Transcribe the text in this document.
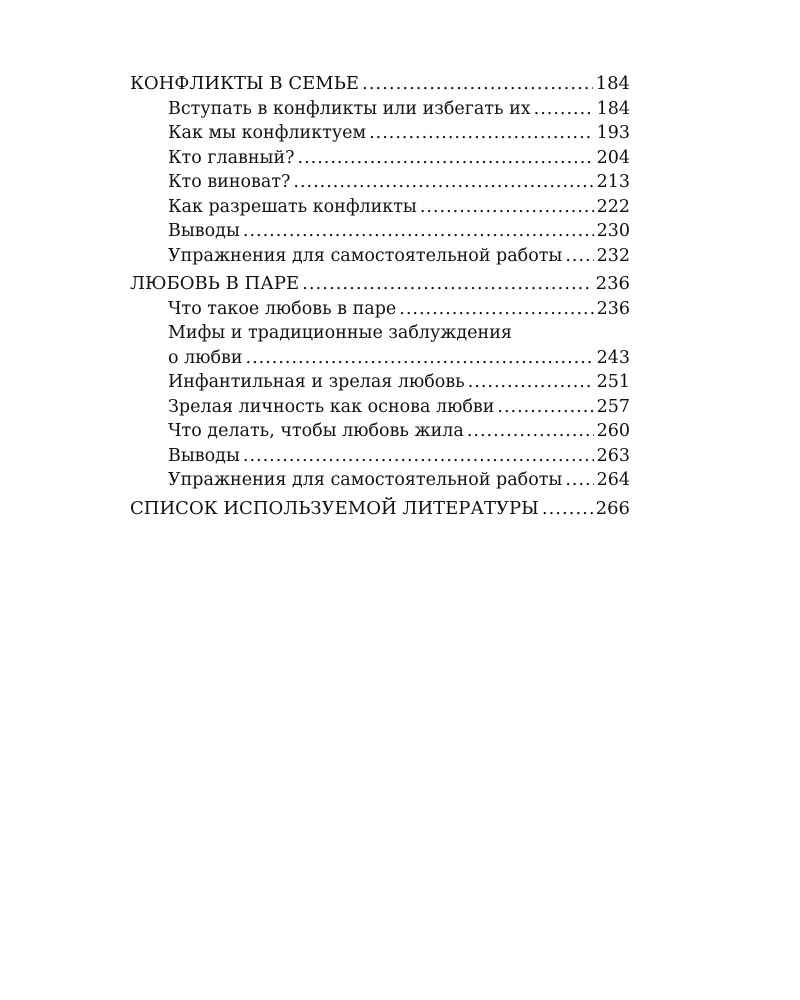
КОНФЛИКТЫ В СЕМЬЕ .....	184
Вступать в конфликты или избегать их .....	184
Как мы конфликтуем .....	193
Кто главный? .....	204
Кто виноват? .....	213
Как разрешать конфликты .....	222
Выводы .....	230
Упражнения для самостоятельной работы ..... 232
ЛЮБОВЬ В ПАРЕ .....	236
Что такое любовь в паре .....	236
Мифы и традиционные заблуждения
о любви .....	243
Инфантильная и зрелая любовь .....	251
Зрелая личность как основа любви .....	257
Что делать, чтобы любовь жила .....	260
Выводы .....	263
Упражнения для самостоятельной работы ..... 264
СПИСОК ИСПОЛЬЗУЕМОЙ ЛИТЕРАТУРЫ .....	266
